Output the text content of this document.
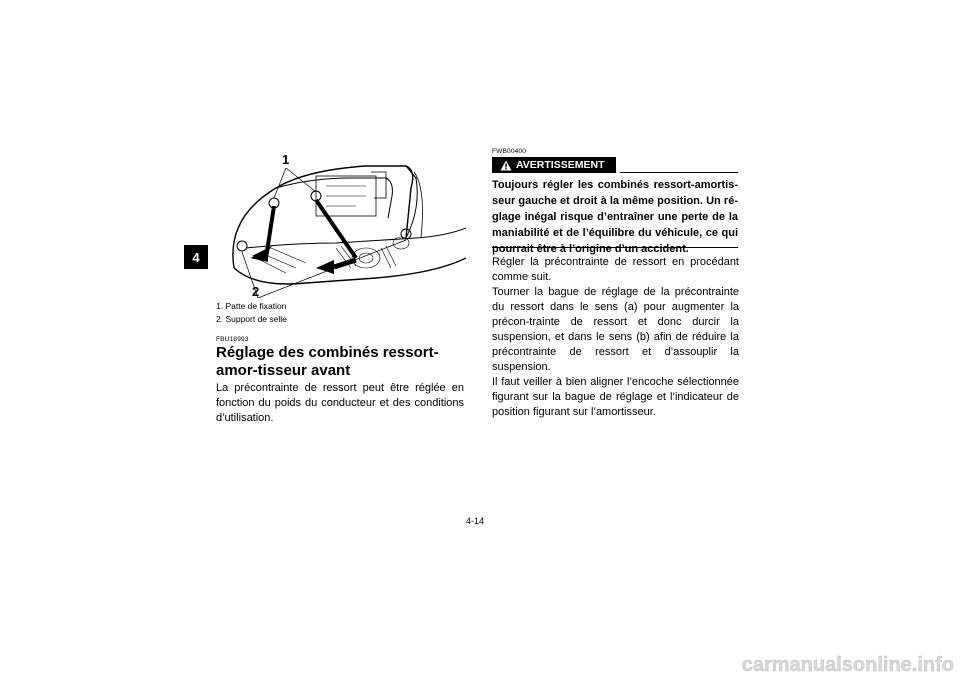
4
1
2
1. Patte de fixation
2. Support de selle
FBU18993
Réglage des combinés ressort-amor-tisseur avant

La précontrainte de ressort peut être réglée en fonction du poids du conducteur et des conditions d’utilisation.

FWB00400
AVERTISSEMENT
Toujours régler les combinés ressort-amortis-seur gauche et droit à la même position. Un ré-glage inégal risque d’entraîner une perte de la maniabilité et de l’équilibre du véhicule, ce qui pourrait être à l’origine d’un accident.

Régler la précontrainte de ressort en procédant comme suit.

Tourner la bague de réglage de la précontrainte du ressort dans le sens (a) pour augmenter la précon-trainte de ressort et donc durcir la suspension, et dans le sens (b) afin de réduire la précontrainte de ressort et d’assouplir la suspension.

Il faut veiller à bien aligner l’encoche sélectionnée figurant sur la bague de réglage et l’indicateur de position figurant sur l’amortisseur.

4-14
carmanualsonline.info
